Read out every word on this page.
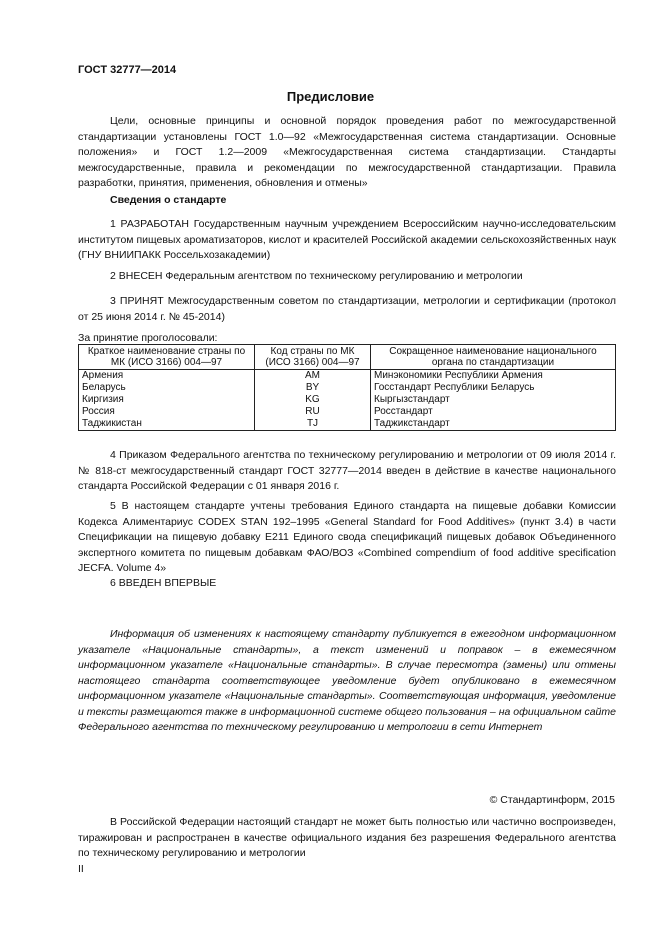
ГОСТ 32777—2014
Предисловие
Цели, основные принципы и основной порядок проведения работ по межгосударственной стандартизации установлены ГОСТ 1.0—92 «Межгосударственная система стандартизации. Основные положения» и ГОСТ 1.2—2009 «Межгосударственная система стандартизации. Стандарты межгосударственные, правила и рекомендации по межгосударственной стандартизации. Правила разработки, принятия, применения, обновления и отмены»
Сведения о стандарте
1 РАЗРАБОТАН Государственным научным учреждением Всероссийским научно-исследовательским институтом пищевых ароматизаторов, кислот и красителей Российской академии сельскохозяйственных наук (ГНУ ВНИИПАКК Россельхозакадемии)
2 ВНЕСЕН Федеральным агентством по техническому регулированию и метрологии
3 ПРИНЯТ Межгосударственным советом по стандартизации, метрологии и сертификации (протокол от 25 июня 2014 г. № 45-2014)
За принятие проголосовали:
Краткое наименование страны по МК (ИСО 3166) 004—97	Код страны по МК (ИСО 3166) 004—97	Сокращенное наименование национального органа по стандартизации
Армения	AM	Минэкономики Республики Армения
Беларусь	BY	Госстандарт Республики Беларусь
Киргизия	KG	Кыргызстандарт
Россия	RU	Росстандарт
Таджикистан	TJ	Таджикстандарт
4 Приказом Федерального агентства по техническому регулированию и метрологии от 09 июля 2014 г. № 818-ст межгосударственный стандарт ГОСТ 32777—2014 введен в действие в качестве национального стандарта Российской Федерации с 01 января 2016 г.
5 В настоящем стандарте учтены требования Единого стандарта на пищевые добавки Комиссии Кодекса Алиментариус CODEX STAN 192–1995 «General Standard for Food Additives» (пункт 3.4) в части Спецификации на пищевую добавку Е211 Единого свода спецификаций пищевых добавок Объединенного экспертного комитета по пищевым добавкам ФАО/ВОЗ «Combined compendium of food additive specification JECFA. Volume 4»
6 ВВЕДЕН ВПЕРВЫЕ
Информация об изменениях к настоящему стандарту публикуется в ежегодном информационном указателе «Национальные стандарты», а текст изменений и поправок – в ежемесячном информационном указателе «Национальные стандарты». В случае пересмотра (замены) или отмены настоящего стандарта соответствующее уведомление будет опубликовано в ежемесячном информационном указателе «Национальные стандарты». Соответствующая информация, уведомление и тексты размещаются также в информационной системе общего пользования – на официальном сайте Федерального агентства по техническому регулированию и метрологии в сети Интернет
© Стандартинформ, 2015
В Российской Федерации настоящий стандарт не может быть полностью или частично воспроизведен, тиражирован и распространен в качестве официального издания без разрешения Федерального агентства по техническому регулированию и метрологии
II
